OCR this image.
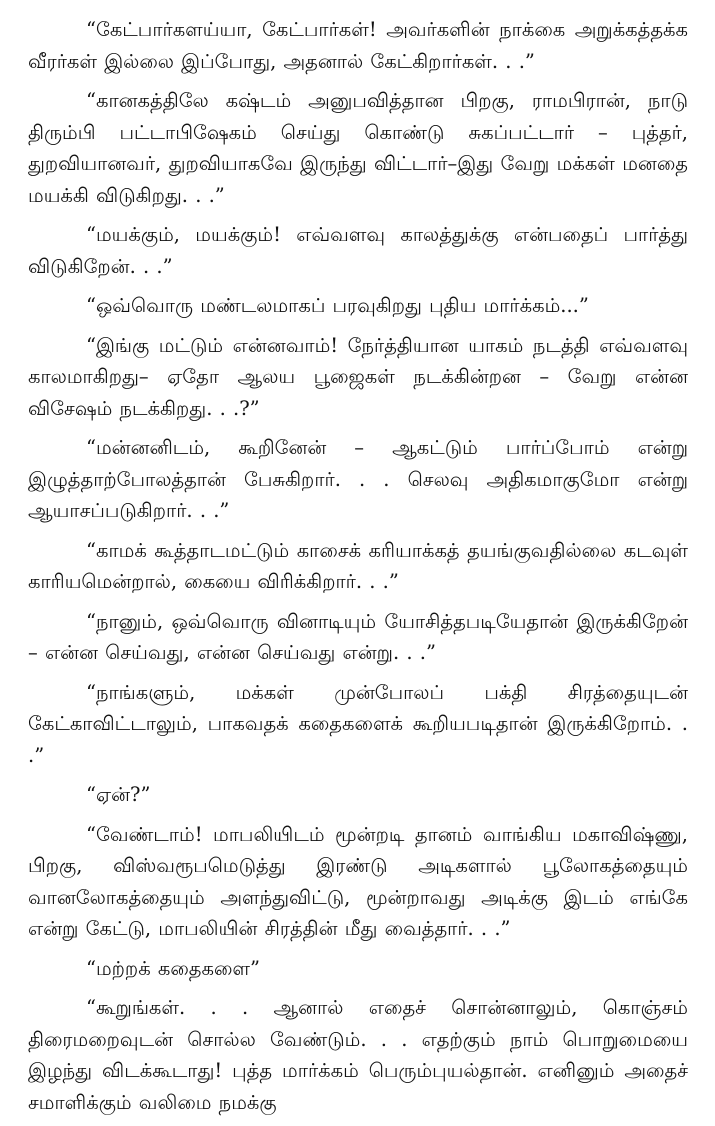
“கேட்பார்களய்யா, கேட்பார்கள்! அவர்களின் நாக்கை அறுக்கத்தக்க வீரர்கள் இல்லை இப்போது, அதனால் கேட்கிறார்கள். . .”

“கானகத்திலே கஷ்டம் அனுபவித்தான பிறகு, ராமபிரான், நாடு திரும்பி பட்டாபிஷேகம் செய்து கொண்டு சுகப்பட்டார் – புத்தர், துறவியானவர், துறவியாகவே இருந்து விட்டார்–இது வேறு மக்கள் மனதை மயக்கி விடுகிறது. . .”

“மயக்கும், மயக்கும்! எவ்வளவு காலத்துக்கு என்பதைப் பார்த்து விடுகிறேன். . .”

“ஒவ்வொரு மண்டலமாகப் பரவுகிறது புதிய மார்க்கம்...”

“இங்கு மட்டும் என்னவாம்! நேர்த்தியான யாகம் நடத்தி எவ்வளவு காலமாகிறது– ஏதோ ஆலய பூஜைகள் நடக்கின்றன – வேறு என்ன விசேஷம் நடக்கிறது. . .?”

“மன்னனிடம், கூறினேன் – ஆகட்டும் பார்ப்போம் என்று இழுத்தாற்போலத்தான் பேசுகிறார். . . செலவு அதிகமாகுமோ என்று ஆயாசப்படுகிறார். . .”

“காமக் கூத்தாடமட்டும் காசைக் கரியாக்கத் தயங்குவதில்லை கடவுள் காரியமென்றால், கையை விரிக்கிறார். . .”

“நானும், ஒவ்வொரு வினாடியும் யோசித்தபடியேதான் இருக்கிறேன் – என்ன செய்வது, என்ன செய்வது என்று. . .”

“நாங்களும், மக்கள் முன்போலப் பக்தி சிரத்தையுடன் கேட்காவிட்டாலும், பாகவதக் கதைகளைக் கூறியபடிதான் இருக்கிறோம். . .”

“ஏன்?”

“வேண்டாம்! மாபலியிடம் மூன்றடி தானம் வாங்கிய மகாவிஷ்ணு, பிறகு, விஸ்வரூபமெடுத்து இரண்டு அடிகளால் பூலோகத்தையும் வானலோகத்தையும் அளந்துவிட்டு, மூன்றாவது அடிக்கு இடம் எங்கே என்று கேட்டு, மாபலியின் சிரத்தின் மீது வைத்தார். . .”

“மற்றக் கதைகளை”

“கூறுங்கள். . . ஆனால் எதைச் சொன்னாலும், கொஞ்சம் திரைமறைவுடன் சொல்ல வேண்டும். . . எதற்கும் நாம் பொறுமையை இழந்து விடக்கூடாது! புத்த மார்க்கம் பெரும்புயல்தான். எனினும் அதைச் சமாளிக்கும் வலிமை நமக்கு
